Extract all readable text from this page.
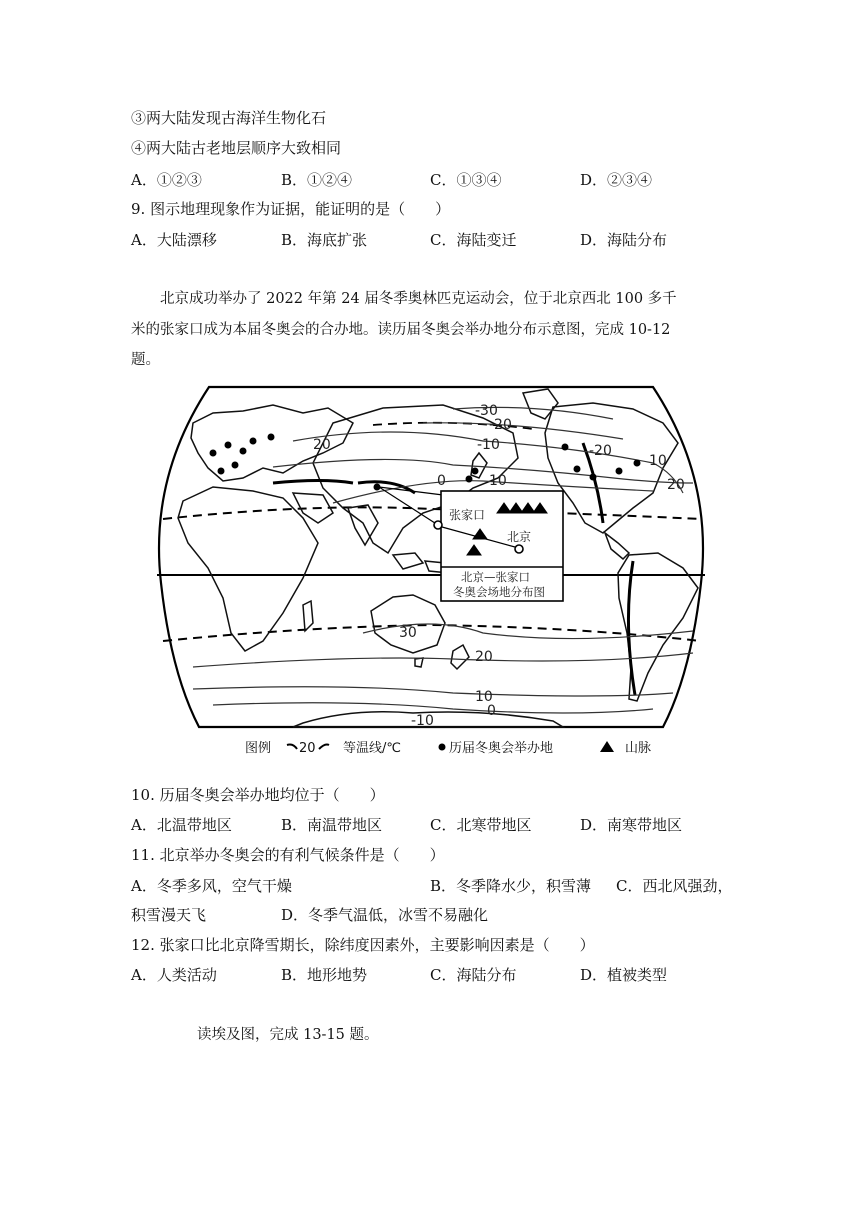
③两大陆发现古海洋生物化石
④两大陆古老地层顺序大致相同
A．①②③	B．①②④	C．①③④	D．②③④
9. 图示地理现象作为证据，能证明的是（　　）
A．大陆漂移	B．海底扩张	C．海陆变迁	D．海陆分布
北京成功举办了 2022 年第 24 届冬季奥林匹克运动会，位于北京西北 100 多千
米的张家口成为本届冬奥会的合办地。读历届冬奥会举办地分布示意图，完成 10-12
题。
-30
-20
20	-10
10
0
-20
10
20
30
20
10
0
-10
张家口
北京
北京—张家口
冬奥会场地分布图
图例 20 等温线/℃	历届冬奥会举办地	山脉
10. 历届冬奥会举办地均位于（　　）
A．北温带地区	B．南温带地区	C．北寒带地区	D．南寒带地区
11. 北京举办冬奥会的有利气候条件是（　　）
A．冬季多风，空气干燥	B．冬季降水少，积雪薄 C．西北风强劲，
积雪漫天飞	D．冬季气温低，冰雪不易融化
12. 张家口比北京降雪期长，除纬度因素外，主要影响因素是（　　）
A．人类活动	B．地形地势	C．海陆分布	D．植被类型
读埃及图，完成 13-15 题。
